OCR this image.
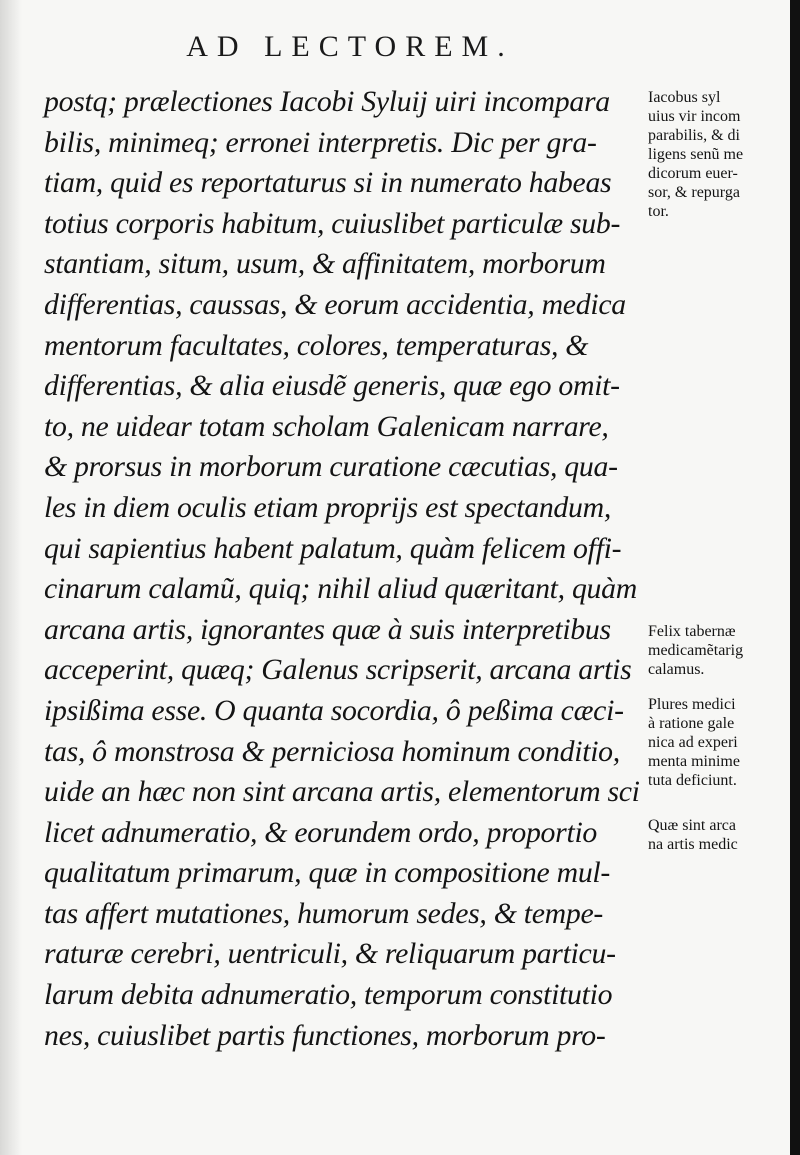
AD LECTOREM.
postq; prælectiones Iacobi Syluij uiri incompara
bilis, minimeq; erronei interpretis. Dic per gra-
tiam, quid es reportaturus si in numerato habeas
totius corporis habitum, cuiuslibet particulæ sub-
stantiam, situm, usum, & affinitatem, morborum
differentias, caussas, & eorum accidentia, medica
mentorum facultates, colores, temperaturas, &
differentias, & alia eiusdẽ generis, quæ ego omit-
to, ne uidear totam scholam Galenicam narrare,
& prorsus in morborum curatione cæcutias, qua-
les in diem oculis etiam proprijs est spectandum,
qui sapientius habent palatum, quàm felicem offi-
cinarum calamũ, quiq; nihil aliud quæritant, quàm
arcana artis, ignorantes quæ à suis interpretibus
acceperint, quæq; Galenus scripserit, arcana artis
ipsißima esse. O quanta socordia, ô peßima cæci-
tas, ô monstrosa & perniciosa hominum conditio,
uide an hæc non sint arcana artis, elementorum sci
licet adnumeratio, & eorundem ordo, proportio
qualitatum primarum, quæ in compositione mul-
tas affert mutationes, humorum sedes, & tempe-
raturæ cerebri, uentriculi, & reliquarum particu-
larum debita adnumeratio, temporum constitutio
nes, cuiuslibet partis functiones, morborum pro-
Iacobus syl
uius vir incom
parabilis, & di
ligens senũ me
dicorum euer-
sor, & repurga
tor.
Felix tabernæ
medicamẽtarig
calamus.
Plures medici
à ratione gale
nica ad experi
menta minime
tuta deficiunt.
Quæ sint arca
na artis medic
